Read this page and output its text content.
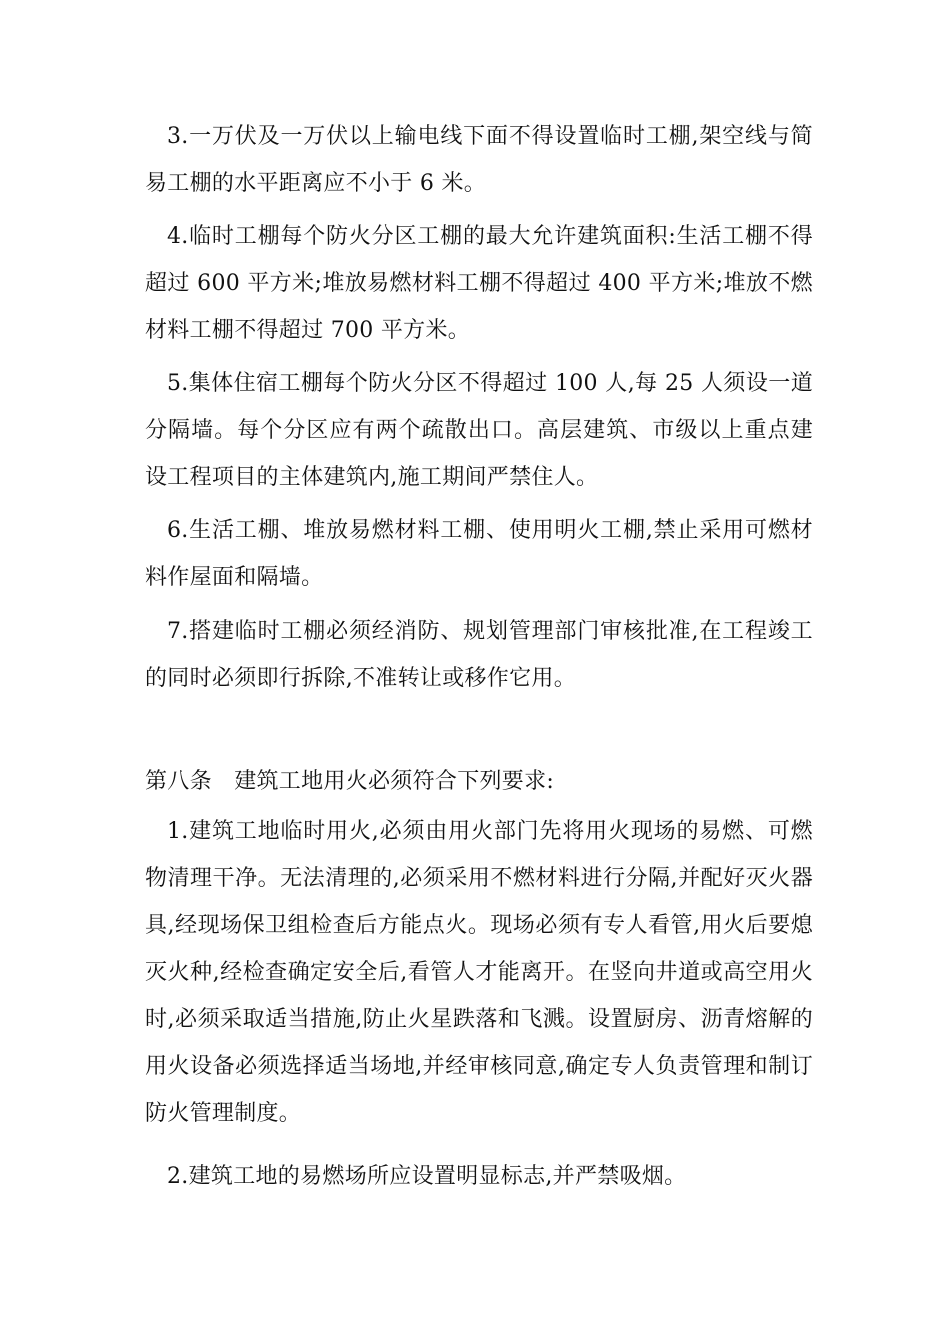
3.一万伏及一万伏以上输电线下面不得设置临时工棚,架空线与简易工棚的水平距离应不小于 6 米。

4.临时工棚每个防火分区工棚的最大允许建筑面积:生活工棚不得超过 600 平方米;堆放易燃材料工棚不得超过 400 平方米;堆放不燃材料工棚不得超过 700 平方米。

5.集体住宿工棚每个防火分区不得超过 100 人,每 25 人须设一道分隔墙。每个分区应有两个疏散出口。高层建筑、市级以上重点建设工程项目的主体建筑内,施工期间严禁住人。

6.生活工棚、堆放易燃材料工棚、使用明火工棚,禁止采用可燃材料作屋面和隔墙。

7.搭建临时工棚必须经消防、规划管理部门审核批准,在工程竣工的同时必须即行拆除,不准转让或移作它用。

第八条　建筑工地用火必须符合下列要求:

1.建筑工地临时用火,必须由用火部门先将用火现场的易燃、可燃物清理干净。无法清理的,必须采用不燃材料进行分隔,并配好灭火器具,经现场保卫组检查后方能点火。现场必须有专人看管,用火后要熄灭火种,经检查确定安全后,看管人才能离开。在竖向井道或高空用火时,必须采取适当措施,防止火星跌落和飞溅。设置厨房、沥青熔解的用火设备必须选择适当场地,并经审核同意,确定专人负责管理和制订防火管理制度。

2.建筑工地的易燃场所应设置明显标志,并严禁吸烟。
